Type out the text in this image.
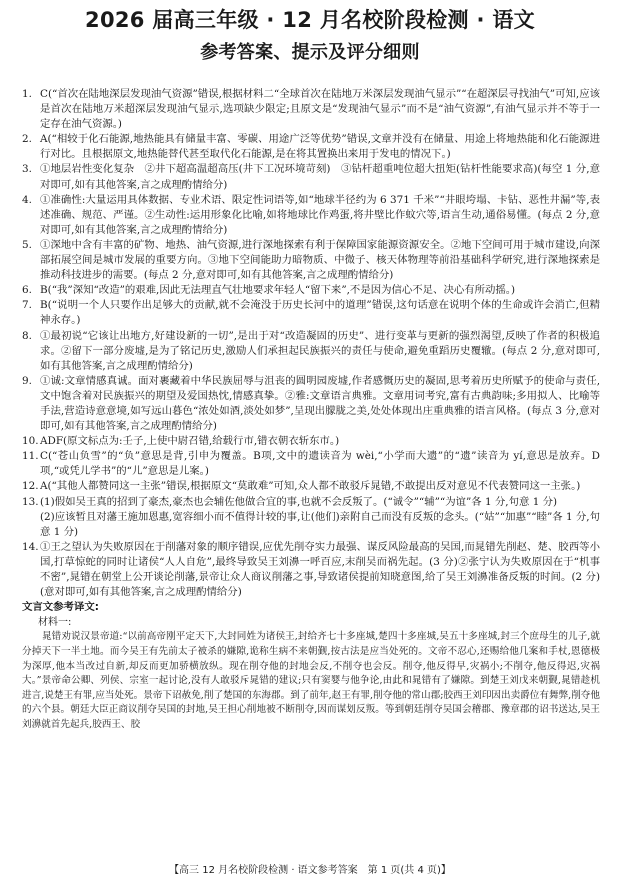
2026 届高三年级 · 12 月名校阶段检测 · 语文
参考答案、提示及评分细则
1. C(“首次在陆地深层发现油气资源”错误,根据材料二“全球首次在陆地万米深层发现油气显示”“在超深层寻找油气”可知,应该是首次在陆地万米超深层发现油气显示,选项缺少限定;且原文是“发现油气显示”而不是“油气资源”,有油气显示并不等于一定存在油气资源。)
2. A(“相较于化石能源,地热能具有储量丰富、零碳、用途广泛等优势”错误,文章并没有在储量、用途上将地热能和化石能源进行对比。且根据原文,地热能替代甚至取代化石能源,是在将其置换出来用于发电的情况下。)
3. ①地层岩性变化复杂　②井下超高温超高压(井下工况环境苛刻)　③钻杆超重吨位超大扭矩(钻杆性能要求高)(每空 1 分,意对即可,如有其他答案,言之成理酌情给分)
4. ①准确性:大量运用具体数据、专业术语、限定性词语等,如“地球半径约为 6 371 千米”“井眼垮塌、卡钻、恶性井漏”等,表述准确、规范、严谨。②生动性:运用形象化比喻,如将地球比作鸡蛋,将井壁比作蚊穴等,语言生动,通俗易懂。(每点 2 分,意对即可,如有其他答案,言之成理酌情给分)
5. ①深地中含有丰富的矿物、地热、油气资源,进行深地探索有利于保障国家能源资源安全。②地下空间可用于城市建设,向深部拓展空间是城市发展的重要方向。③地下空间能助力暗物质、中微子、核天体物理等前沿基础科学研究,进行深地探索是推动科技进步的需要。(每点 2 分,意对即可,如有其他答案,言之成理酌情给分)
6. B(“我”深知“改造”的艰难,因此无法理直气壮地要求年轻人“留下来”,不是因为信心不足、决心有所动摇。)
7. B(“说明一个人只要作出足够大的贡献,就不会淹没于历史长河中的道理”错误,这句话意在说明个体的生命或许会消亡,但精神永存。)
8. ①最初说“它该让出地方,好建设新的一切”,是出于对“改造凝固的历史”、进行变革与更新的强烈渴望,反映了作者的积极追求。②留下一部分废墟,是为了铭记历史,激励人们承担起民族振兴的责任与使命,避免重蹈历史覆辙。(每点 2 分,意对即可,如有其他答案,言之成理酌情给分)
9. ①诚:文章情感真诚。面对裹藏着中华民族屈辱与沮丧的圆明园废墟,作者感慨历史的凝固,思考着历史所赋予的使命与责任,文中饱含着对民族振兴的期望及爱国热忱,情感真挚。②雅:文章语言典雅。文章用词考究,富有古典韵味;多用拟人、比喻等手法,营造诗意意境,如写远山暮色“浓处如酒,淡处如梦”,呈现出朦胧之美,处处体现出庄重典雅的语言风格。(每点 3 分,意对即可,如有其他答案,言之成理酌情给分)
10. ADF(原文标点为:壬子,上使中尉召错,给载行市,错衣朝衣斩东市。)
11. C(“苍山负雪”的“负”意思是背,引申为覆盖。B项,文中的遗读音为 wèi,“小学而大遗”的“遗”读音为 yí,意思是放弃。D项,“或凭儿学书”的“儿”意思是儿案。)
12. A(“其他人都赞同这一主张”错误,根据原文“莫敢难”可知,众人都不敢驳斥晁错,不敢提出反对意见不代表赞同这一主张。)
13. (1)假如吴王真的招到了豪杰,豪杰也会辅佐他做合宜的事,也就不会反叛了。(“诚令”“辅”“为谊”各 1 分,句意 1 分)
(2)应该暂且对藩王施加恩惠,宽容细小而不值得计较的事,让(他们)亲附自己而没有反叛的念头。(“姑”“加惠”“睦”各 1 分,句意 1 分)
14. ①王之望认为失败原因在于削藩对象的顺序错误,应优先削夺实力最强、谋反风险最高的吴国,而晁错先削赵、楚、胶西等小国,打草惊蛇的同时让诸侯“人人自危”,最终导致吴王刘濞一呼百应,末削吴而祸先起。(3 分)②张宁认为失败原因在于“机事不密”,晁错在朝堂上公开谈论削藩,景帝让众人商议削藩之事,导致诸侯提前知晓意图,给了吴王刘濞准备反叛的时间。(2 分)(意对即可,如有其他答案,言之成理酌情给分)
文言文参考译文:
材料一:
晁错劝说汉景帝道:“以前高帝刚平定天下,大封同姓为诸侯王,封给齐七十多座城,楚四十多座城,吴五十多座城,封三个庶母生的儿子,就分掉天下一半土地。而今吴王有先前太子被杀的嫌隙,诡称生病不来朝觐,按古法是应当处死的。文帝不忍心,还赐给他几案和手杖,恩德极为深厚,他本当改过自新,却反而更加骄横放纵。现在削夺他的封地会反,不削夺也会反。削夺,他反得早,灾祸小;不削夺,他反得迟,灾祸大。”景帝命公卿、列侯、宗室一起讨论,没有人敢驳斥晁错的建议;只有窦婴与他争论,由此和晁错有了嫌隙。到楚王刘戊来朝觐,晁错趁机进言,说楚王有罪,应当处死。景帝下诏赦免,削了楚国的东海郡。到了前年,赵王有罪,削夺他的常山郡;胶西王刘印因出卖爵位有舞弊,削夺他的六个县。朝廷大臣正商议削夺吴国的封地,吴王担心削地被不断削夺,因而谋划反叛。等到朝廷削夺吴国会稽郡、豫章郡的诏书送达,吴王刘濞就首先起兵,胶西王、胶
【高三 12 月名校阶段检测 · 语文参考答案　第 1 页(共 4 页)】
